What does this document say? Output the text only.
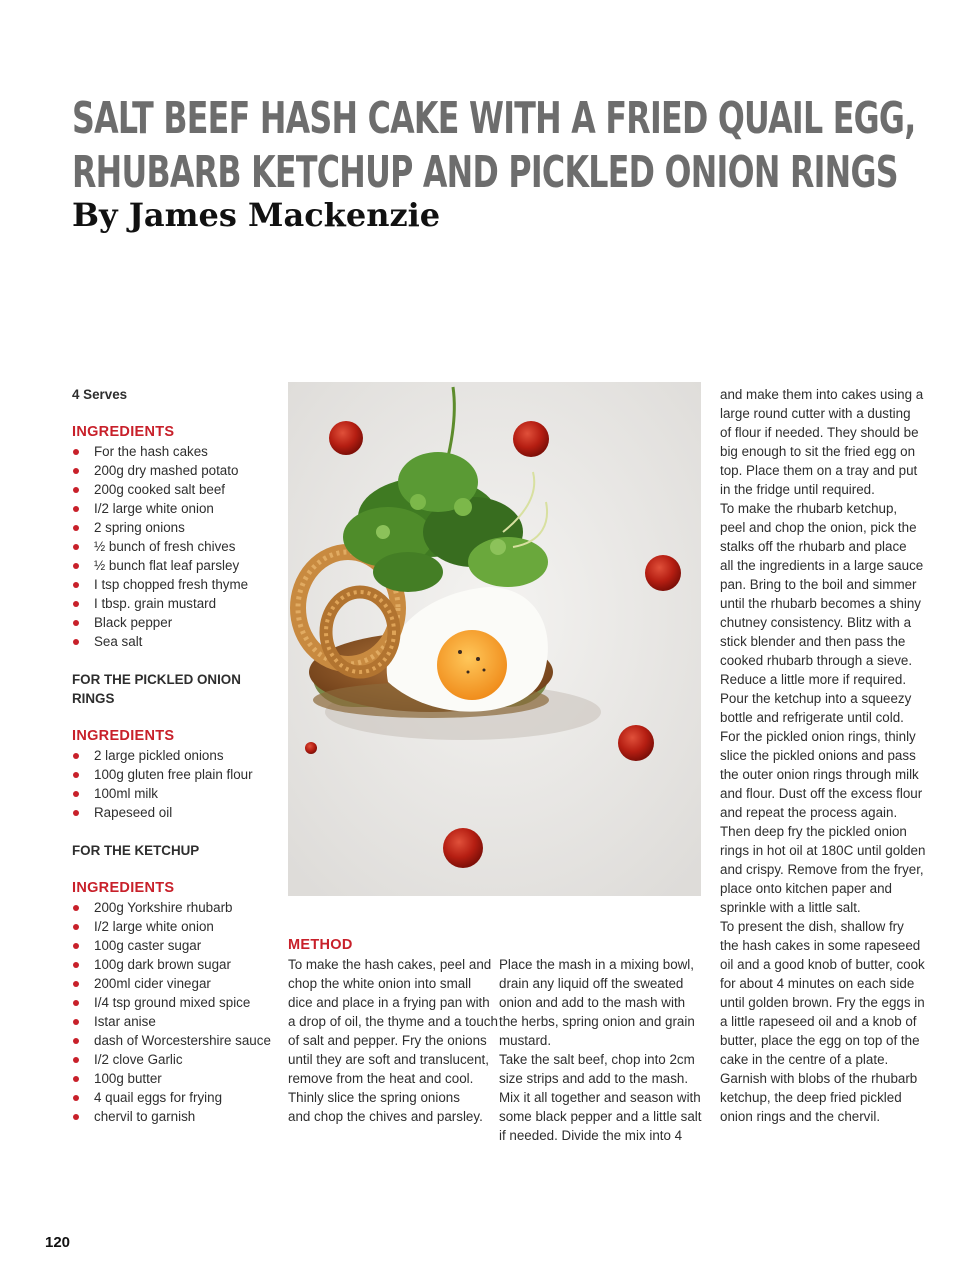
SALT BEEF HASH CAKE WITH A FRIED QUAIL EGG,
RHUBARB KETCHUP AND PICKLED ONION RINGS
By James Mackenzie
4 Serves
INGREDIENTS
For the hash cakes
200g dry mashed potato
200g cooked salt beef
I/2 large white onion
2 spring onions
½ bunch of fresh chives
½ bunch flat leaf parsley
I tsp chopped fresh thyme
I tbsp. grain mustard
Black pepper
Sea salt
FOR THE PICKLED ONION
RINGS
INGREDIENTS
2 large pickled onions
100g gluten free plain flour
100ml milk
Rapeseed oil
FOR THE KETCHUP
INGREDIENTS
200g Yorkshire rhubarb
I/2 large white onion
100g caster sugar
100g dark brown sugar
200ml cider vinegar
I/4 tsp ground mixed spice
Istar anise
dash of Worcestershire sauce
I/2 clove Garlic
100g butter
4 quail eggs for frying
chervil to garnish
METHOD
To make the hash cakes, peel and
chop the white onion into small
dice and place in a frying pan with
a drop of oil, the thyme and a touch
of salt and pepper. Fry the onions
until they are soft and translucent,
remove from the heat and cool.
Thinly slice the spring onions
and chop the chives and parsley.
Place the mash in a mixing bowl,
drain any liquid off the sweated
onion and add to the mash with
the herbs, spring onion and grain
mustard.
Take the salt beef, chop into 2cm
size strips and add to the mash.
Mix it all together and season with
some black pepper and a little salt
if needed. Divide the mix into 4
and make them into cakes using a
large round cutter with a dusting
of flour if needed. They should be
big enough to sit the fried egg on
top. Place them on a tray and put
in the fridge until required.
To make the rhubarb ketchup,
peel and chop the onion, pick the
stalks off the rhubarb and place
all the ingredients in a large sauce
pan. Bring to the boil and simmer
until the rhubarb becomes a shiny
chutney consistency. Blitz with a
stick blender and then pass the
cooked rhubarb through a sieve.
Reduce a little more if required.
Pour the ketchup into a squeezy
bottle and refrigerate until cold.
For the pickled onion rings, thinly
slice the pickled onions and pass
the outer onion rings through milk
and flour. Dust off the excess flour
and repeat the process again.
Then deep fry the pickled onion
rings in hot oil at 180C until golden
and crispy. Remove from the fryer,
place onto kitchen paper and
sprinkle with a little salt.
To present the dish, shallow fry
the hash cakes in some rapeseed
oil and a good knob of butter, cook
for about 4 minutes on each side
until golden brown. Fry the eggs in
a little rapeseed oil and a knob of
butter, place the egg on top of the
cake in the centre of a plate.
Garnish with blobs of the rhubarb
ketchup, the deep fried pickled
onion rings and the chervil.
120
